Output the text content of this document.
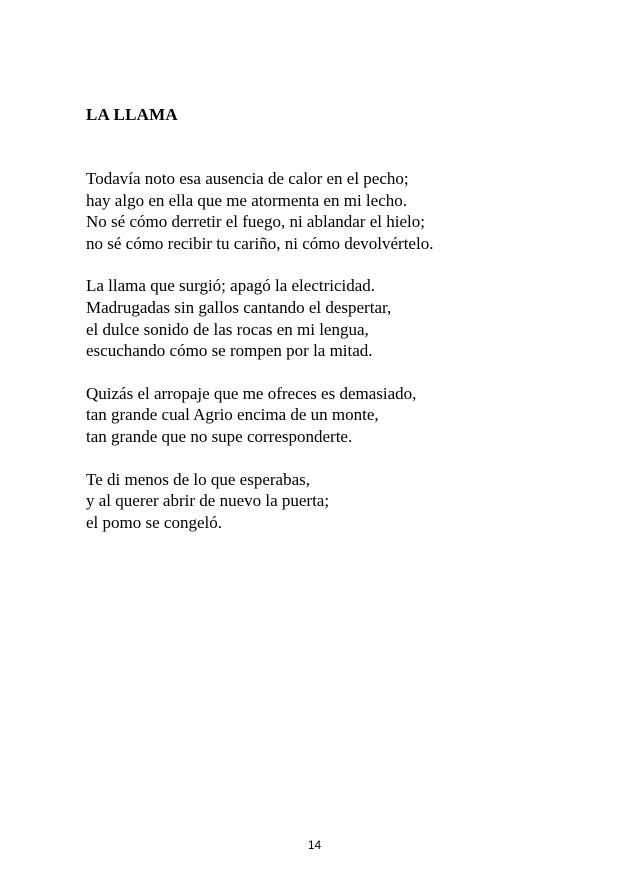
LA LLAMA
Todavía noto esa ausencia de calor en el pecho;
hay algo en ella que me atormenta en mi lecho.
No sé cómo derretir el fuego, ni ablandar el hielo;
no sé cómo recibir tu cariño, ni cómo devolvértelo.
La llama que surgió; apagó la electricidad.
Madrugadas sin gallos cantando el despertar,
el dulce sonido de las rocas en mi lengua,
escuchando cómo se rompen por la mitad.
Quizás el arropaje que me ofreces es demasiado,
tan grande cual Agrio encima de un monte,
tan grande que no supe corresponderte.
Te di menos de lo que esperabas,
y al querer abrir de nuevo la puerta;
el pomo se congeló.
14
